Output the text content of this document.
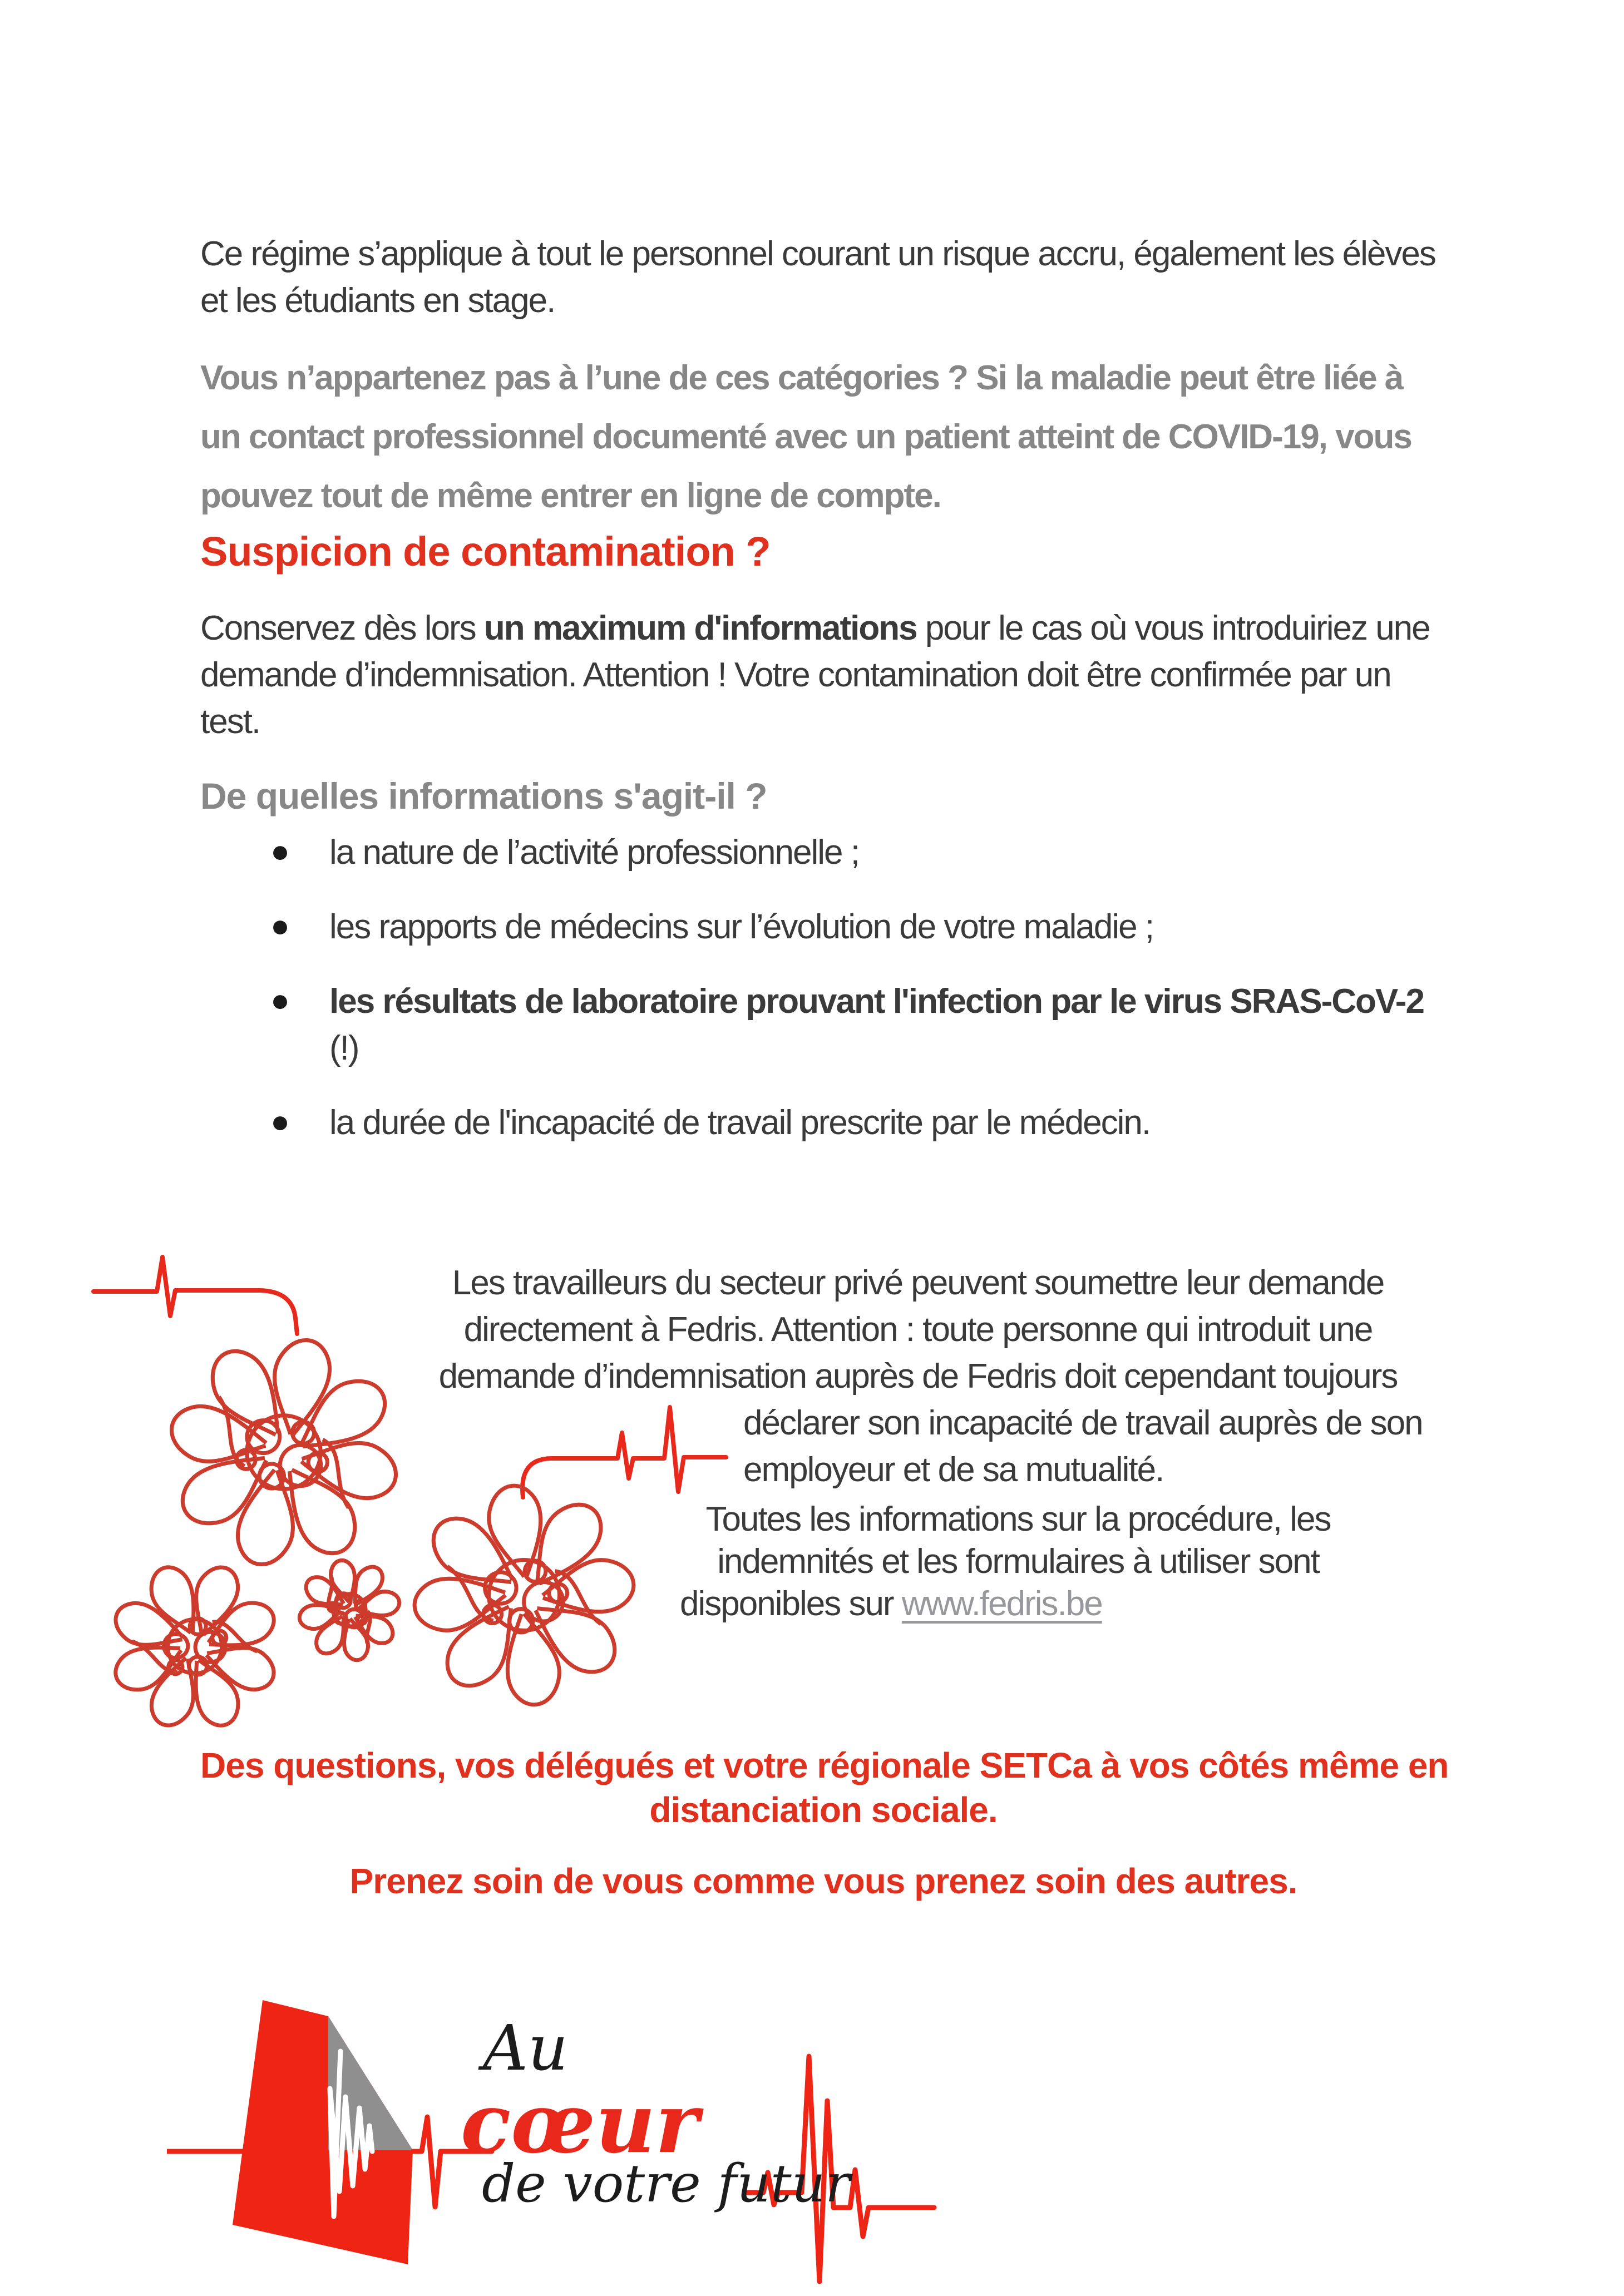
Ce régime s’applique à tout le personnel courant un risque accru, également les élèves et les étudiants en stage.

Vous n’appartenez pas à l’une de ces catégories ? Si la maladie peut être liée à un contact professionnel documenté avec un patient atteint de COVID-19, vous pouvez tout de même entrer en ligne de compte.

Suspicion de contamination ?

Conservez dès lors un maximum d'informations pour le cas où vous introduiriez une demande d’indemnisation. Attention ! Votre contamination doit être confirmée par un test.

De quelles informations s'agit-il ?
● la nature de l’activité professionnelle ;
● les rapports de médecins sur l’évolution de votre maladie ;
● les résultats de laboratoire prouvant l'infection par le virus SRAS-CoV-2
(!)
● la durée de l'incapacité de travail prescrite par le médecin.
Les travailleurs du secteur privé peuvent soumettre leur demande
directement à Fedris. Attention : toute personne qui introduit une
demande d’indemnisation auprès de Fedris doit cependant toujours
déclarer son incapacité de travail auprès de son
employeur et de sa mutualité.
Toutes les informations sur la procédure, les
indemnités et les formulaires à utiliser sont
disponibles sur www.fedris.be
Des questions, vos délégués et votre régionale SETCa à vos côtés même en
distanciation sociale.
Prenez soin de vous comme vous prenez soin des autres.
Au
cœur
de votre futur
